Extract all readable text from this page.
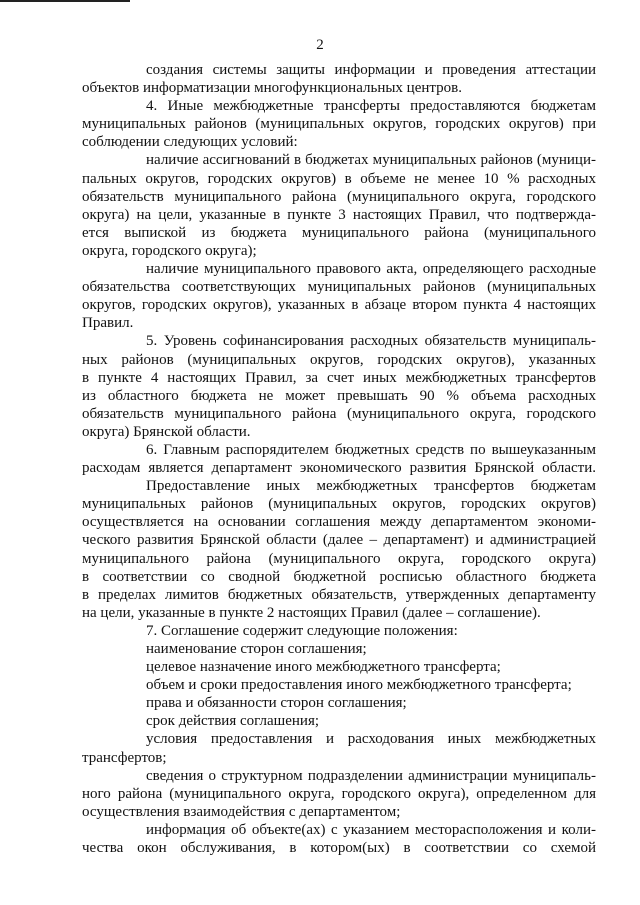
2

создания системы защиты информации и проведения аттестации

объектов информатизации многофункциональных центров.

4. Иные межбюджетные трансферты предоставляются бюджетам

муниципальных районов (муниципальных округов, городских округов) при

соблюдении следующих условий:

наличие ассигнований в бюджетах муниципальных районов (муници-

пальных округов, городских округов) в объеме не менее 10 % расходных

обязательств муниципального района (муниципального округа, городского

округа) на цели, указанные в пункте 3 настоящих Правил, что подтвержда-

ется выпиской из бюджета муниципального района (муниципального

округа, городского округа);

наличие муниципального правового акта, определяющего расходные

обязательства соответствующих муниципальных районов (муниципальных

округов, городских округов), указанных в абзаце втором пункта 4 настоящих

Правил.

5. Уровень софинансирования расходных обязательств муниципаль-

ных районов (муниципальных округов, городских округов), указанных

в пункте 4 настоящих Правил, за счет иных межбюджетных трансфертов

из областного бюджета не может превышать 90 % объема расходных

обязательств муниципального района (муниципального округа, городского

округа) Брянской области.

6. Главным распорядителем бюджетных средств по вышеуказанным

расходам является департамент экономического развития Брянской области.

Предоставление иных межбюджетных трансфертов бюджетам

муниципальных районов (муниципальных округов, городских округов)

осуществляется на основании соглашения между департаментом экономи-

ческого развития Брянской области (далее – департамент) и администрацией

муниципального района (муниципального округа, городского округа)

в соответствии со сводной бюджетной росписью областного бюджета

в пределах лимитов бюджетных обязательств, утвержденных департаменту

на цели, указанные в пункте 2 настоящих Правил (далее – соглашение).

7. Соглашение содержит следующие положения:

наименование сторон соглашения;

целевое назначение иного межбюджетного трансферта;

объем и сроки предоставления иного межбюджетного трансферта;

права и обязанности сторон соглашения;

срок действия соглашения;

условия предоставления и расходования иных межбюджетных

трансфертов;

сведения о структурном подразделении администрации муниципаль-

ного района (муниципального округа, городского округа), определенном для

осуществления взаимодействия с департаментом;

информация об объекте(ах) с указанием месторасположения и коли-

чества окон обслуживания, в котором(ых) в соответствии со схемой
